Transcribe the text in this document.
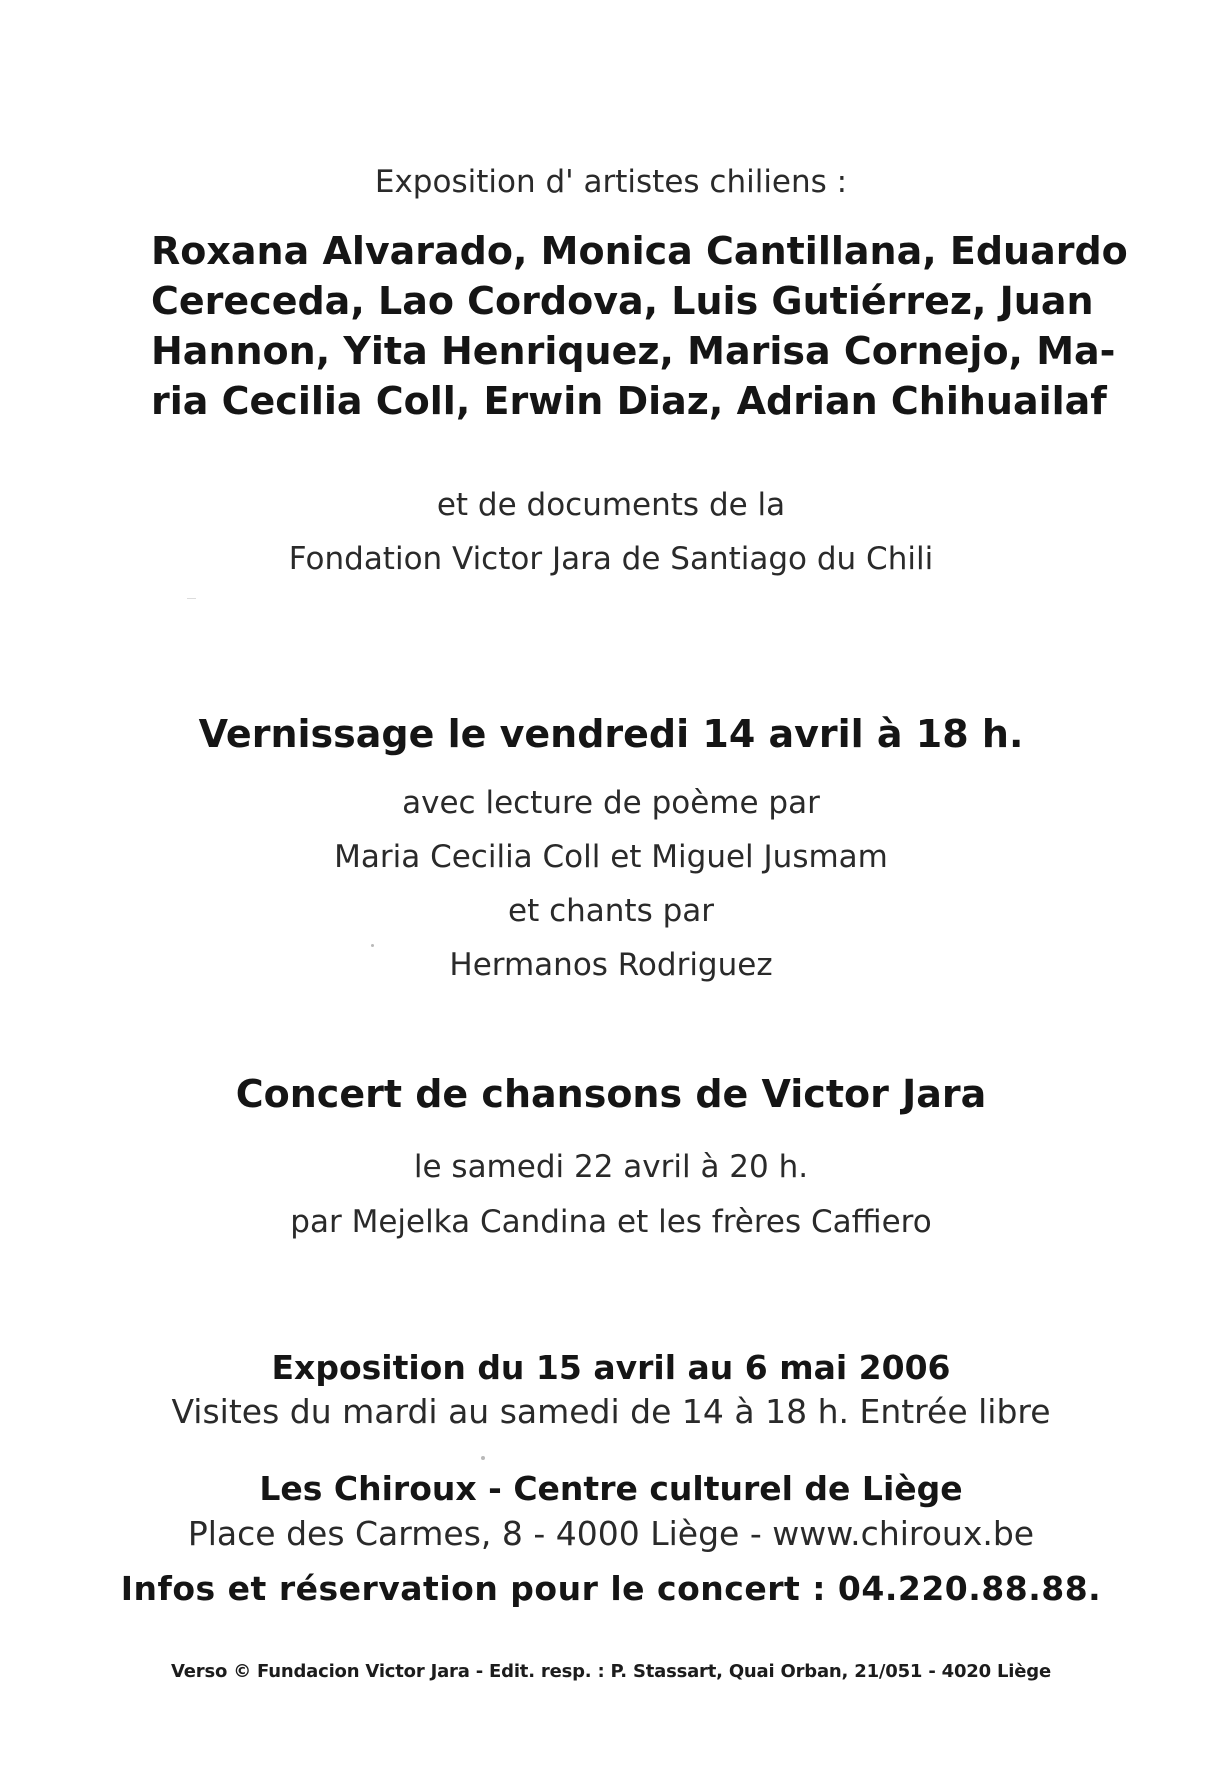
Exposition d' artistes chiliens :
Roxana Alvarado, Monica Cantillana, Eduardo
Cereceda, Lao Cordova, Luis Gutiérrez, Juan
Hannon, Yita Henriquez, Marisa Cornejo, Ma-
ria Cecilia Coll, Erwin Diaz, Adrian Chihuailaf
et de documents de la
Fondation Victor Jara de Santiago du Chili
Vernissage le vendredi 14 avril à 18 h.
avec lecture de poème par
Maria Cecilia Coll et Miguel Jusmam
et chants par
Hermanos Rodriguez
Concert de chansons de Victor Jara
le samedi 22 avril à 20 h.
par Mejelka Candina et les frères Caffiero
Exposition du 15 avril au 6 mai 2006
Visites du mardi au samedi de 14 à 18 h. Entrée libre
Les Chiroux - Centre culturel de Liège
Place des Carmes, 8 - 4000 Liège - www.chiroux.be
Infos et réservation pour le concert : 04.220.88.88.
Verso © Fundacion Victor Jara - Edit. resp. : P. Stassart, Quai Orban, 21/051 - 4020 Liège
